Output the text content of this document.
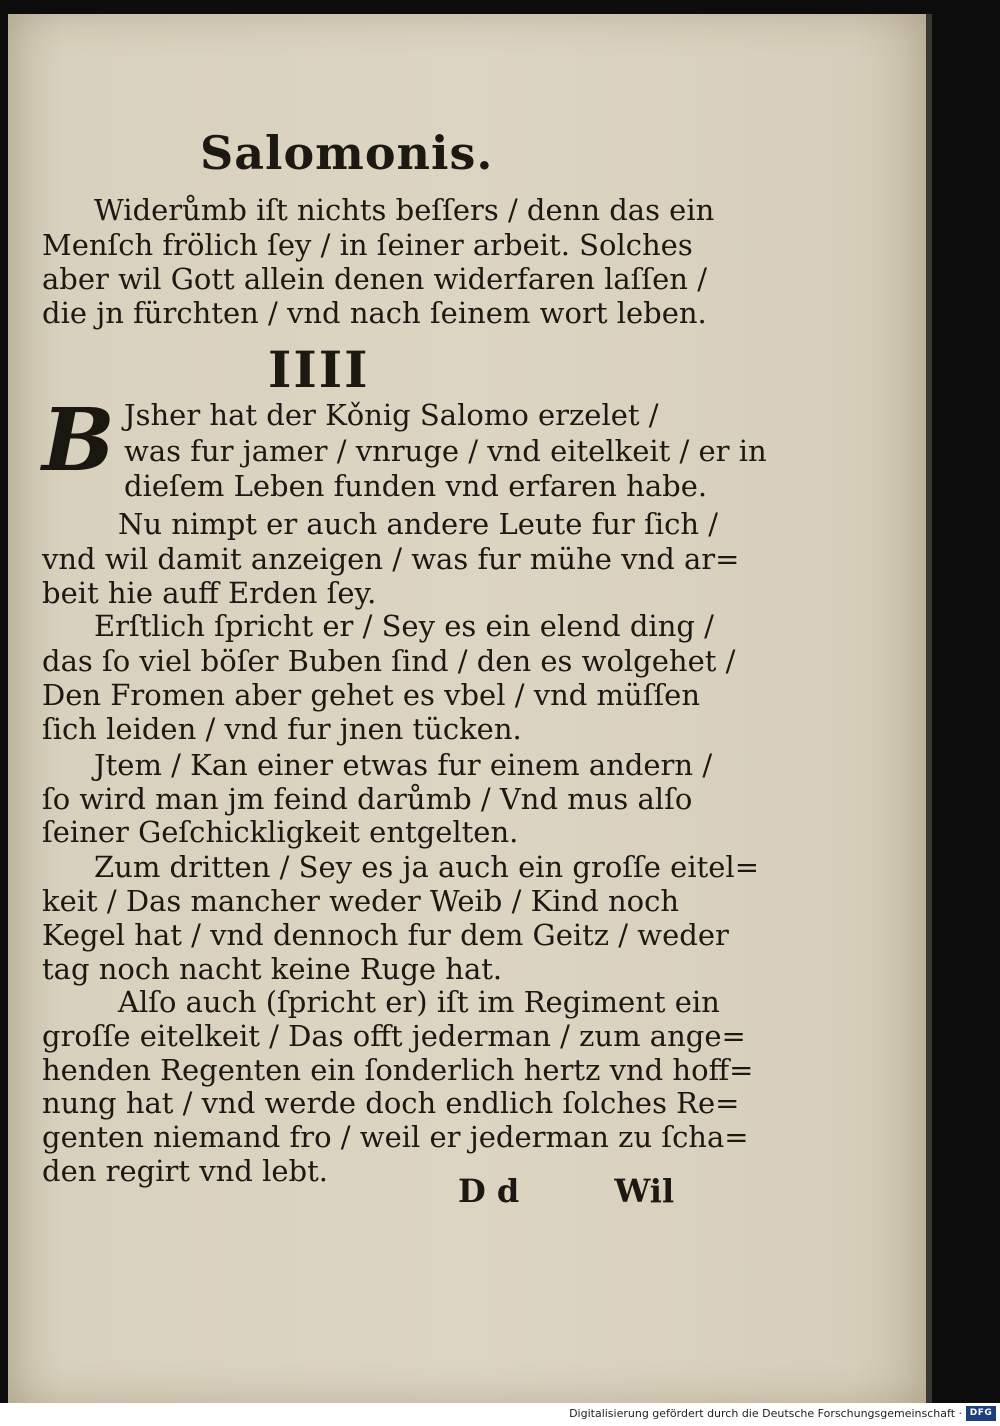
Salomonis.

Widerůmb iſt nichts beſſers / denn das ein

Menſch frölich ſey / in ſeiner arbeit. Solches

aber wil Gott allein denen widerfaren laſſen /

die jn fürchten / vnd nach ſeinem wort leben.

IIII
B Jsher hat der Kǒnig Salomo erzelet /

was fur jamer / vnruge / vnd eitelkeit / er in

dieſem Leben funden vnd erfaren habe.

Nu nimpt er auch andere Leute fur ſich /

vnd wil damit anzeigen / was fur mühe vnd ar=

beit hie auff Erden ſey.

Erſtlich ſpricht er / Sey es ein elend ding /

das ſo viel böſer Buben ſind / den es wolgehet /

Den Fromen aber gehet es vbel / vnd müſſen

ſich leiden / vnd fur jnen tücken.

Jtem / Kan einer etwas fur einem andern /

ſo wird man jm feind darůmb / Vnd mus alſo

ſeiner Geſchickligkeit entgelten.

Zum dritten / Sey es ja auch ein groſſe eitel=

keit / Das mancher weder Weib / Kind noch

Kegel hat / vnd dennoch fur dem Geitz / weder

tag noch nacht keine Ruge hat.

Alſo auch (ſpricht er) iſt im Regiment ein

groſſe eitelkeit / Das offt jederman / zum ange=

henden Regenten ein ſonderlich hertz vnd hoff=

nung hat / vnd werde doch endlich ſolches Re=

genten niemand fro / weil er jederman zu ſcha=

den regirt vnd lebt.

D d	Wil
Digitalisierung gefördert durch die Deutsche Forschungsgemeinschaft · DFG
